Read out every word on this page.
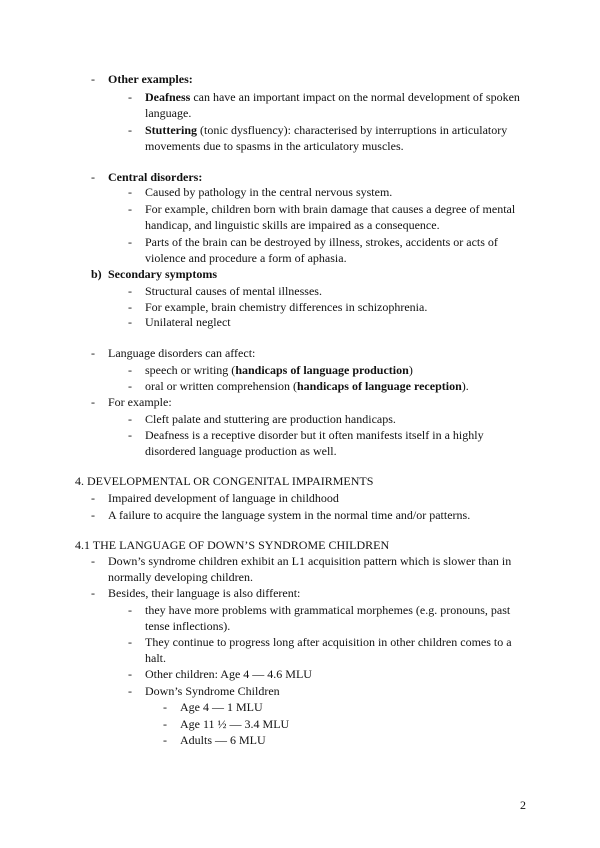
- Other examples:
- Deafness can have an important impact on the normal development of spoken
language.
- Stuttering (tonic dysfluency): characterised by interruptions in articulatory
movements due to spasms in the articulatory muscles.
- Central disorders:
- Caused by pathology in the central nervous system.
- For example, children born with brain damage that causes a degree of mental
handicap, and linguistic skills are impaired as a consequence.
- Parts of the brain can be destroyed by illness, strokes, accidents or acts of
violence and procedure a form of aphasia.
b) Secondary symptoms
- Structural causes of mental illnesses.
- For example, brain chemistry differences in schizophrenia.
- Unilateral neglect
- Language disorders can affect:
- speech or writing (handicaps of language production)
- oral or written comprehension (handicaps of language reception).
- For example:
- Cleft palate and stuttering are production handicaps.
- Deafness is a receptive disorder but it often manifests itself in a highly
disordered language production as well.
4. DEVELOPMENTAL OR CONGENITAL IMPAIRMENTS
- Impaired development of language in childhood
- A failure to acquire the language system in the normal time and/or patterns.
4.1 THE LANGUAGE OF DOWN’S SYNDROME CHILDREN
- Down’s syndrome children exhibit an L1 acquisition pattern which is slower than in
normally developing children.
- Besides, their language is also different:
- they have more problems with grammatical morphemes (e.g. pronouns, past
tense inflections).
- They continue to progress long after acquisition in other children comes to a
halt.
- Other children: Age 4 — 4.6 MLU
- Down’s Syndrome Children
- Age 4 — 1 MLU
- Age 11 ½ — 3.4 MLU
- Adults — 6 MLU
2
